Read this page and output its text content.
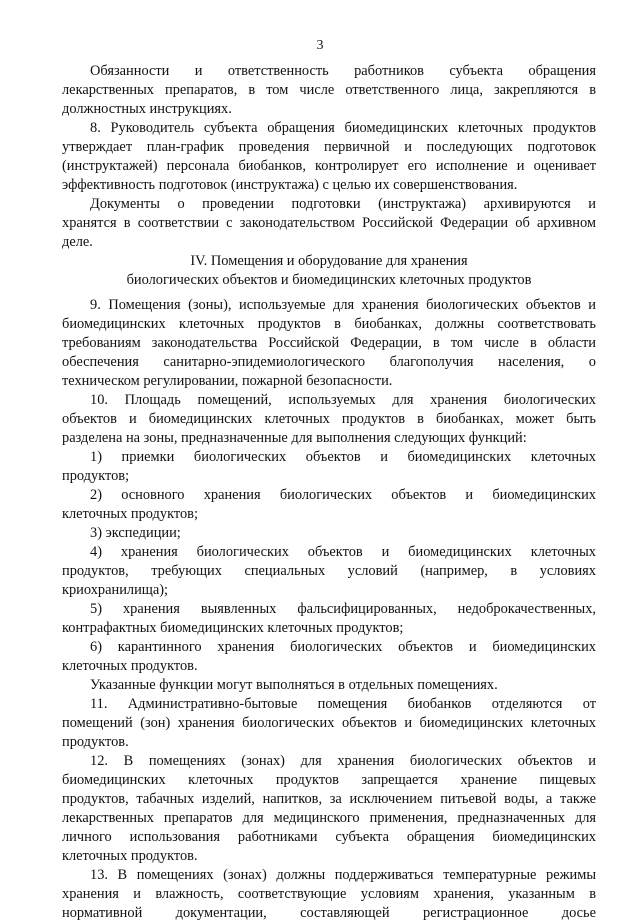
3
Обязанности и ответственность работников субъекта обращения
лекарственных препаратов, в том числе ответственного лица, закрепляются в
должностных инструкциях.
8. Руководитель субъекта обращения биомедицинских клеточных продуктов
утверждает план-график проведения первичной и последующих подготовок
(инструктажей) персонала биобанков, контролирует его исполнение и оценивает
эффективность подготовок (инструктажа) с целью их совершенствования.
Документы о проведении подготовки (инструктажа) архивируются и
хранятся в соответствии с законодательством Российской Федерации об архивном
деле.
IV. Помещения и оборудование для хранения
биологических объектов и биомедицинских клеточных продуктов
9. Помещения (зоны), используемые для хранения биологических объектов и
биомедицинских клеточных продуктов в биобанках, должны соответствовать
требованиям законодательства Российской Федерации, в том числе в области
обеспечения санитарно-эпидемиологического благополучия населения, о
техническом регулировании, пожарной безопасности.
10. Площадь помещений, используемых для хранения биологических
объектов и биомедицинских клеточных продуктов в биобанках, может быть
разделена на зоны, предназначенные для выполнения следующих функций:
1) приемки биологических объектов и биомедицинских клеточных
продуктов;
2) основного хранения биологических объектов и биомедицинских
клеточных продуктов;
3) экспедиции;
4) хранения биологических объектов и биомедицинских клеточных
продуктов, требующих специальных условий (например, в условиях
криохранилища);
5) хранения выявленных фальсифицированных, недоброкачественных,
контрафактных биомедицинских клеточных продуктов;
6) карантинного хранения биологических объектов и биомедицинских
клеточных продуктов.
Указанные функции могут выполняться в отдельных помещениях.
11. Административно-бытовые помещения биобанков отделяются от
помещений (зон) хранения биологических объектов и биомедицинских клеточных
продуктов.
12. В помещениях (зонах) для хранения биологических объектов и
биомедицинских клеточных продуктов запрещается хранение пищевых
продуктов, табачных изделий, напитков, за исключением питьевой воды, а также
лекарственных препаратов для медицинского применения, предназначенных для
личного использования работниками субъекта обращения биомедицинских
клеточных продуктов.
13. В помещениях (зонах) должны поддерживаться температурные режимы
хранения и влажность, соответствующие условиям хранения, указанным в
нормативной документации, составляющей регистрационное досье
